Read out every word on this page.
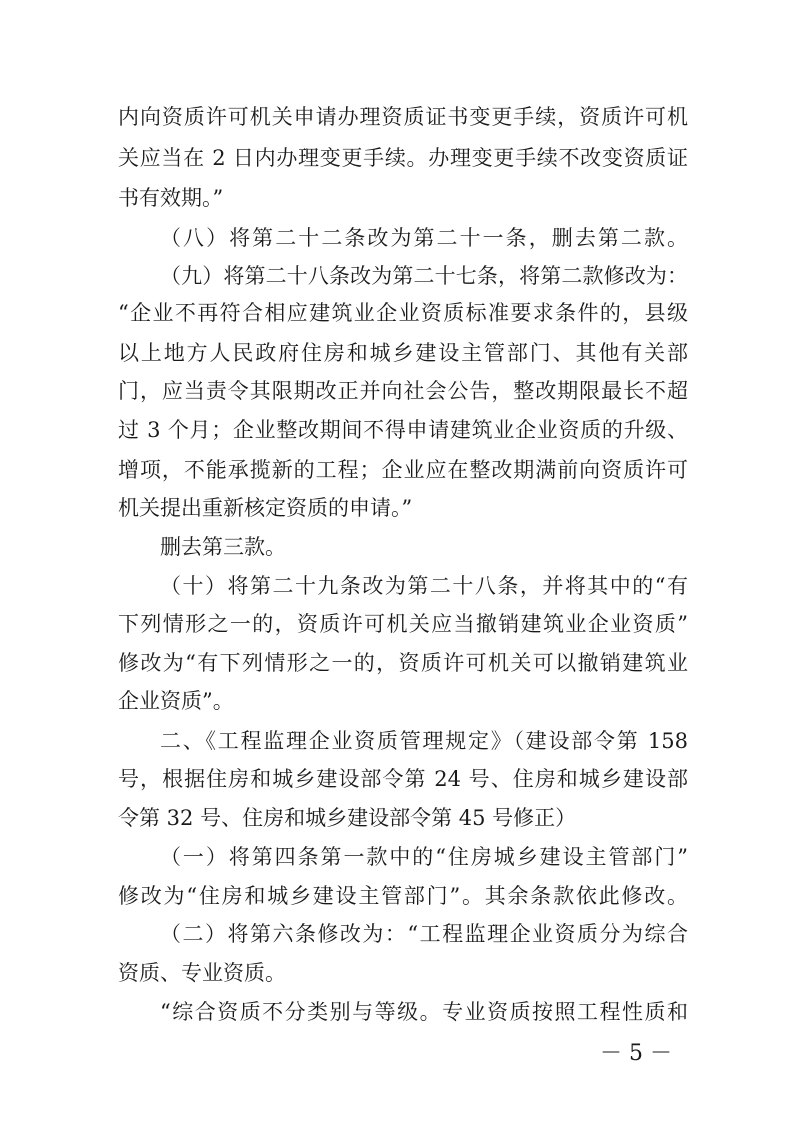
内向资质许可机关申请办理资质证书变更手续，资质许可机
关应当在 2 日内办理变更手续。办理变更手续不改变资质证
书有效期。”
（八）将第二十二条改为第二十一条，删去第二款。
（九）将第二十八条改为第二十七条，将第二款修改为：
“企业不再符合相应建筑业企业资质标准要求条件的，县级
以上地方人民政府住房和城乡建设主管部门、其他有关部
门，应当责令其限期改正并向社会公告，整改期限最长不超
过 3 个月；企业整改期间不得申请建筑业企业资质的升级、
增项，不能承揽新的工程；企业应在整改期满前向资质许可
机关提出重新核定资质的申请。”
删去第三款。
（十）将第二十九条改为第二十八条，并将其中的“有
下列情形之一的，资质许可机关应当撤销建筑业企业资质”
修改为“有下列情形之一的，资质许可机关可以撤销建筑业
企业资质”。
二、《工程监理企业资质管理规定》（建设部令第 158
号，根据住房和城乡建设部令第 24 号、住房和城乡建设部
令第 32 号、住房和城乡建设部令第 45 号修正）
（一）将第四条第一款中的“住房城乡建设主管部门”
修改为“住房和城乡建设主管部门”。其余条款依此修改。
（二）将第六条修改为：“工程监理企业资质分为综合
资质、专业资质。
“综合资质不分类别与等级。专业资质按照工程性质和
－ 5 －
